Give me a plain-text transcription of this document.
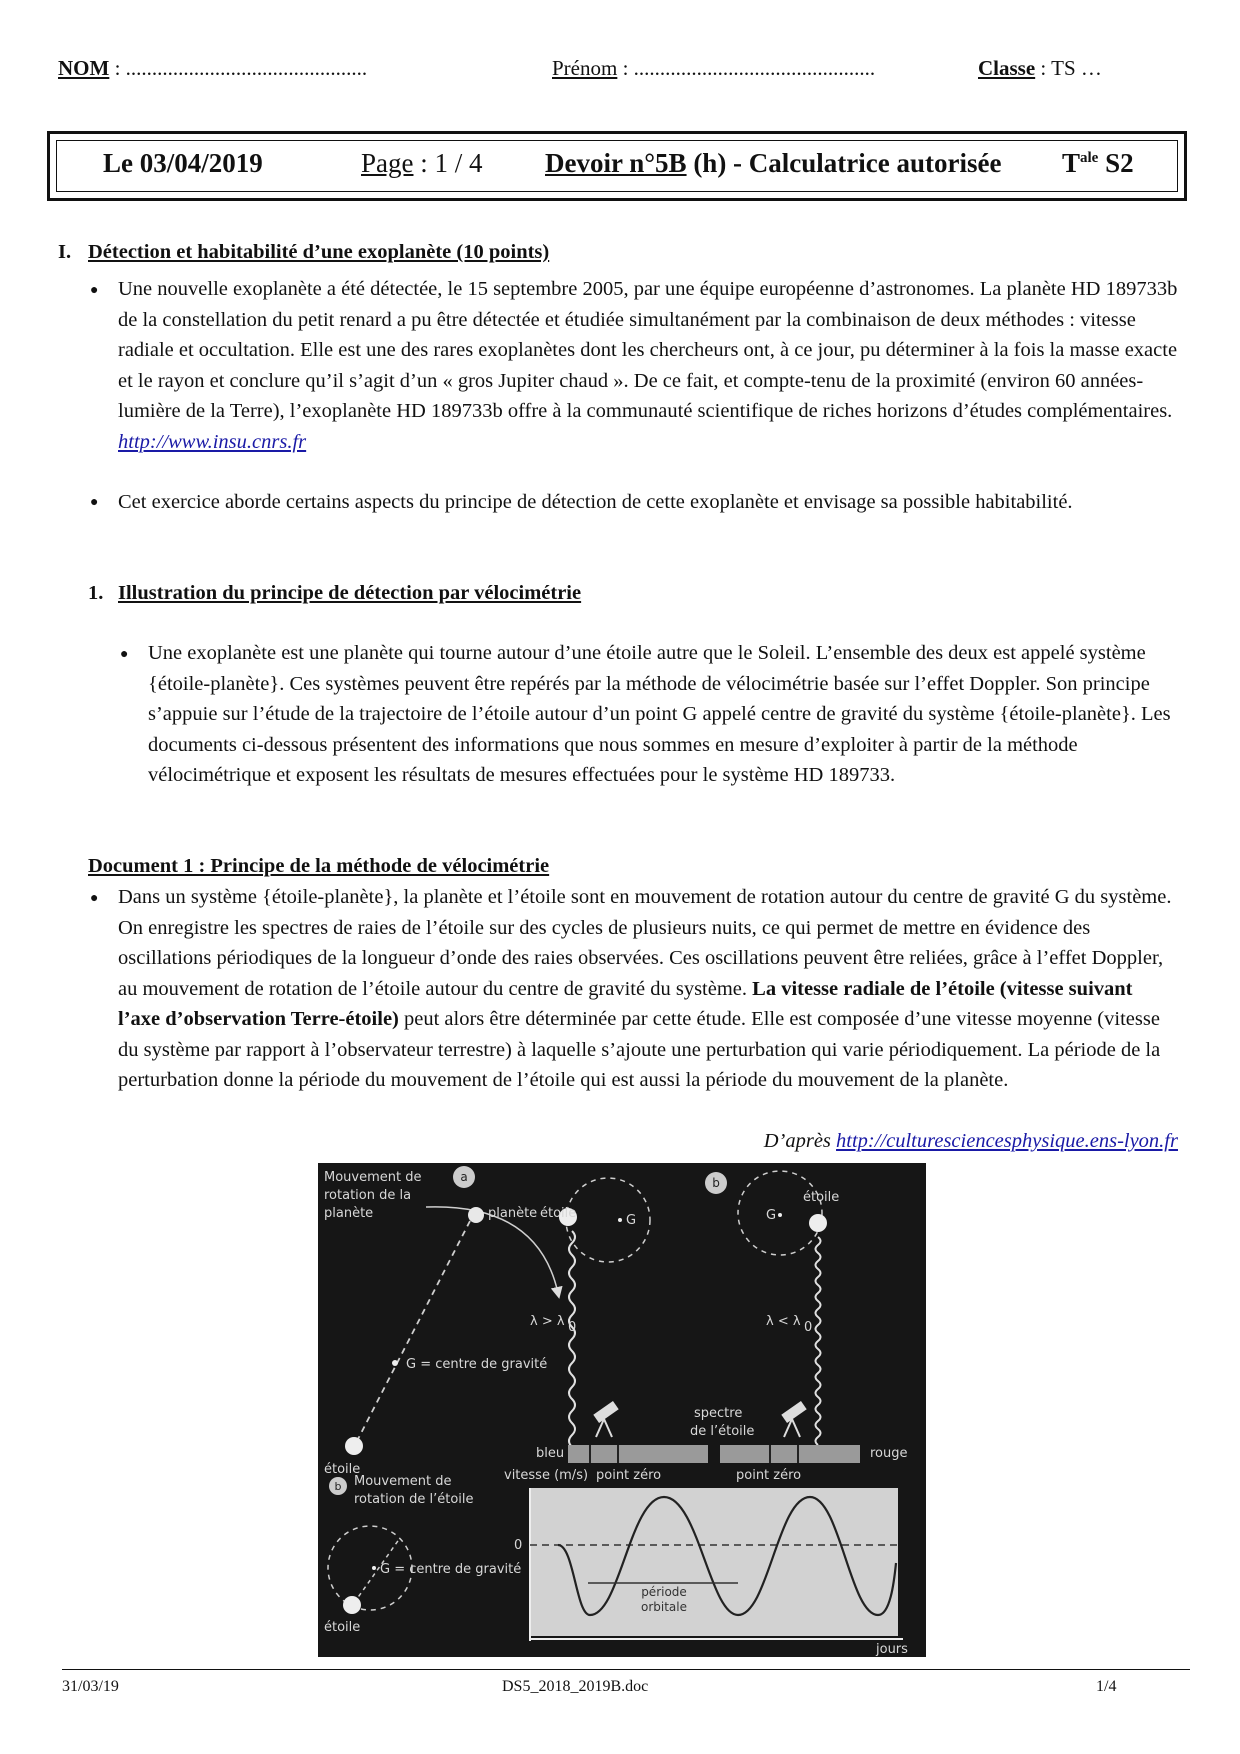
NOM : ..............................................	Prénom : ..............................................	Classe : TS …
Le 03/04/2019	Page : 1 / 4 Devoir n°5B (h) - Calculatrice autorisée $T^{ale}$ S2
I. Détection et habitabilité d’une exoplanète (10 points)
● Une nouvelle exoplanète a été détectée, le 15 septembre 2005, par une équipe européenne d’astronomes. La planète HD 189733b de la constellation du petit renard a pu être détectée et étudiée simultanément par la combinaison de deux méthodes : vitesse radiale et occultation. Elle est une des rares exoplanètes dont les chercheurs ont, à ce jour, pu déterminer à la fois la masse exacte et le rayon et conclure qu’il s’agit d’un « gros Jupiter chaud ». De ce fait, et compte-tenu de la proximité (environ 60 années-lumière de la Terre), l’exoplanète HD 189733b offre à la communauté scientifique de riches horizons d’études complémentaires. http://www.insu.cnrs.fr
● Cet exercice aborde certains aspects du principe de détection de cette exoplanète et envisage sa possible habitabilité.
1. Illustration du principe de détection par vélocimétrie
● Une exoplanète est une planète qui tourne autour d’une étoile autre que le Soleil. L’ensemble des deux est appelé système {étoile-planète}. Ces systèmes peuvent être repérés par la méthode de vélocimétrie basée sur l’effet Doppler. Son principe s’appuie sur l’étude de la trajectoire de l’étoile autour d’un point G appelé centre de gravité du système {étoile-planète}. Les documents ci-dessous présentent des informations que nous sommes en mesure d’exploiter à partir de la méthode vélocimétrique et exposent les résultats de mesures effectuées pour le système HD 189733.
Document 1 : Principe de la méthode de vélocimétrie
● Dans un système {étoile-planète}, la planète et l’étoile sont en mouvement de rotation autour du centre de gravité G du système. On enregistre les spectres de raies de l’étoile sur des cycles de plusieurs nuits, ce qui permet de mettre en évidence des oscillations périodiques de la longueur d’onde des raies observées. Ces oscillations peuvent être reliées, grâce à l’effet Doppler, au mouvement de rotation de l’étoile autour du centre de gravité du système. La vitesse radiale de l’étoile (vitesse suivant l’axe d’observation Terre-étoile) peut alors être déterminée par cette étude. Elle est composée d’une vitesse moyenne (vitesse du système par rapport à l’observateur terrestre) à laquelle s’ajoute une perturbation qui varie périodiquement. La période de la perturbation donne la période du mouvement de l’étoile qui est aussi la période du mouvement de la planète.
D’après http://culturesciencesphysique.ens-lyon.fr
Mouvement de
rotation de la
planète
a
planète
G = centre de gravité
étoile
étoile	G
λ > λ 0
b
G
étoile
λ < λ 0
spectre
de l’étoile
b Mouvement de
rotation de l’étoile
G = centre de gravité
étoile
bleu	rouge
vitesse (m/s) point zéro	point zéro
0
période
orbitale
jours
31/03/19	DS5_2018_2019B.doc	1/4
